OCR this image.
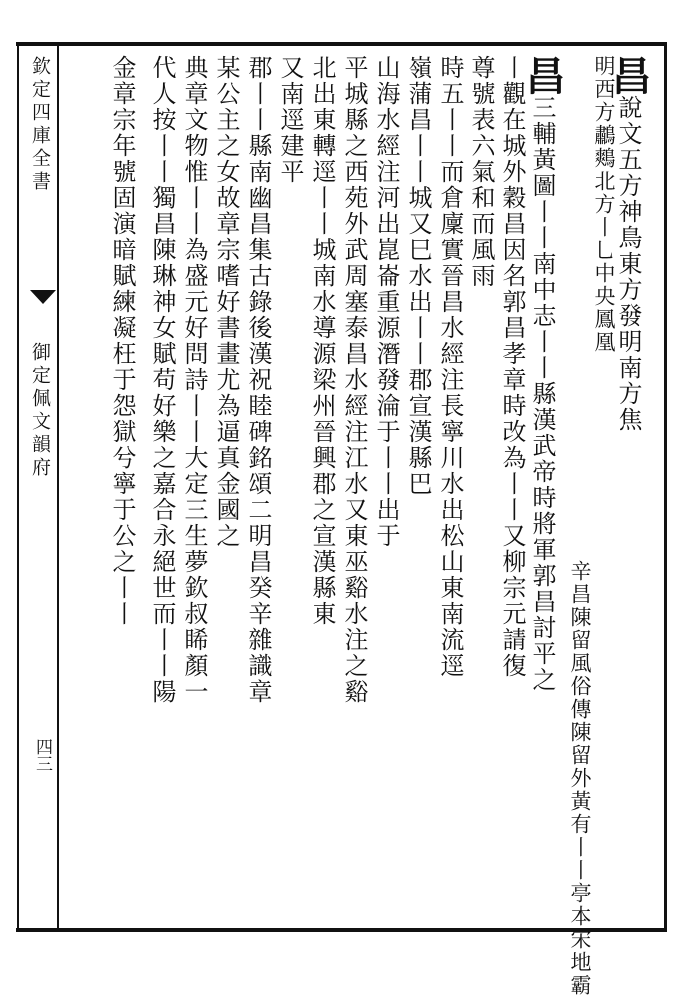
欽定四庫全書
御定佩文韻府
四三
昌說文五方神鳥東方發明南方焦
明西方鷫鷞北方丨乚中央鳳凰
辛昌陳留風俗傳陳留外黃有丨丨亭本宋地霸
昌三輔黃圖丨丨南中志丨丨縣漢武帝時將軍郭昌討平之
丨觀在城外穀昌因名郭昌孝章時改為丨丨又柳宗元請復
尊號表六氣和而風雨
時五丨丨而倉廩實晉昌水經注長寧川水出松山東南流逕
嶺蒲昌丨丨城又巳水出丨丨郡宣漢縣巴
山海水經注河出崑崙重源潛發淪于丨丨出于
平城縣之西苑外武周塞泰昌水經注江水又東巫谿水注之谿
北出東轉逕丨丨城南水導源梁州晉興郡之宣漢縣東
又南逕建平
郡丨丨縣南幽昌集古錄後漢祝睦碑銘頌二明昌癸辛雜識章
某公主之女故章宗嗜好書畫尤為逼真金國之
典章文物惟丨丨為盛元好問詩丨丨大定三生夢欽叔睎顏一
代人按丨丨獨昌陳琳神女賦苟好樂之嘉合永絕世而丨丨陽
金章宗年號固演暗賦練凝枉于怨獄兮寧于公之丨丨
